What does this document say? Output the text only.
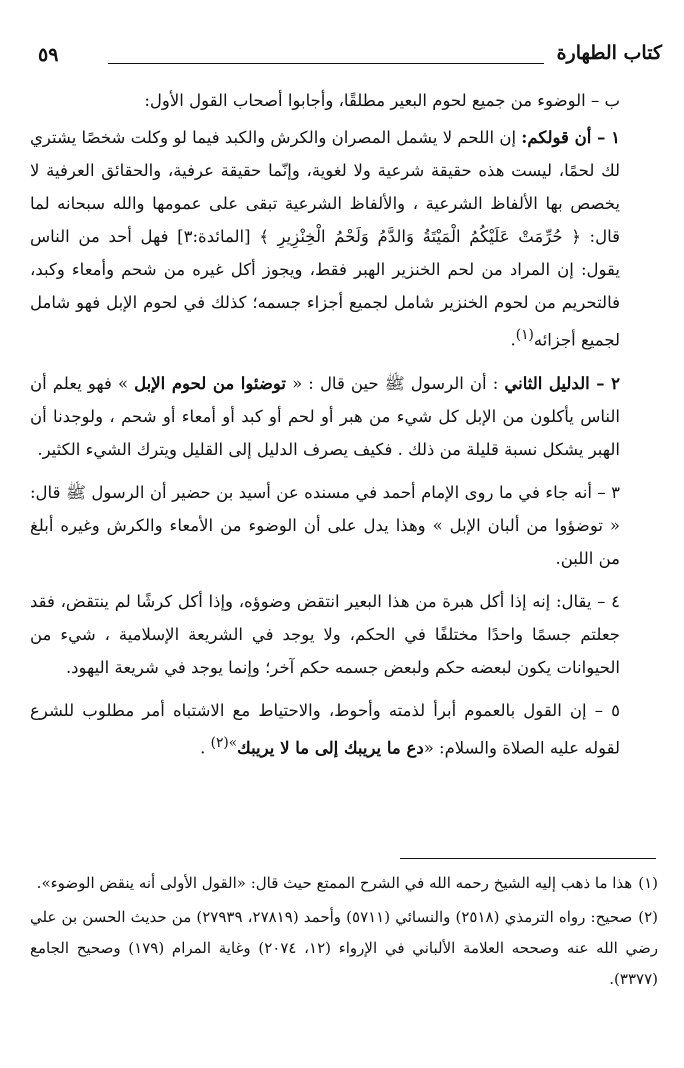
كتاب الطهارة
٥٩

ب – الوضوء من جميع لحوم البعير مطلقًا، وأجابوا أصحاب القول الأول:

١ – أن قولكم: إن اللحم لا يشمل المصران والكرش والكبد فيما لو وكلت شخصًا يشتري لك لحمًا، ليست هذه حقيقة شرعية ولا لغوية، وإنّما حقيقة عرفية، والحقائق العرفية لا يخصص بها الألفاظ الشرعية ، والألفاظ الشرعية تبقى على عمومها والله سبحانه لما قال: ﴿ حُرِّمَتْ عَلَيْكُمُ الْمَيْتَةُ وَالدَّمُ وَلَحْمُ الْخِنْزِيرِ ﴾ [المائدة:٣] فهل أحد من الناس يقول: إن المراد من لحم الخنزير الهبر فقط، ويجوز أكل غيره من شحم وأمعاء وكبد، فالتحريم من لحوم الخنزير شامل لجميع أجزاء جسمه؛ كذلك في لحوم الإبل فهو شامل لجميع أجزائه$^{(١)}$.

٢ – الدليل الثاني : أن الرسول ﷺ حين قال : « توضئوا من لحوم الإبل » فهو يعلم أن الناس يأكلون من الإبل كل شيء من هبر أو لحم أو كبد أو أمعاء أو شحم ، ولوجدنا أن الهبر يشكل نسبة قليلة من ذلك . فكيف يصرف الدليل إلى القليل ويترك الشيء الكثير.

٣ – أنه جاء في ما روى الإمام أحمد في مسنده عن أسيد بن حضير أن الرسول ﷺ قال: « توضؤوا من ألبان الإبل » وهذا يدل على أن الوضوء من الأمعاء والكرش وغيره أبلغ من اللبن.

٤ – يقال: إنه إذا أكل هبرة من هذا البعير انتقض وضوؤه، وإذا أكل كرشًا لم ينتقض، فقد جعلتم جسمًا واحدًا مختلفًا في الحكم، ولا يوجد في الشريعة الإسلامية ، شيء من الحيوانات يكون لبعضه حكم ولبعض جسمه حكم آخر؛ وإنما يوجد في شريعة اليهود.

٥ – إن القول بالعموم أبرأ لذمته وأحوط، والاحتياط مع الاشتباه أمر مطلوب للشرع لقوله عليه الصلاة والسلام: «دع ما يريبك إلى ما لا يريبك$^{»(٢)}$ .

(١)هذا ما ذهب إليه الشيخ رحمه الله في الشرح الممتع حيث قال: «القول الأولى أنه ينقض الوضوء».

(٢)صحيح: رواه الترمذي (٢٥١٨) والنسائي (٥٧١١) وأحمد (٢٧٨١٩، ٢٧٩٣٩) من حديث الحسن بن علي رضي الله عنه وصححه العلامة الألباني في الإرواء (١٢، ٢٠٧٤) وغاية المرام (١٧٩) وصحيح الجامع (٣٣٧٧).
